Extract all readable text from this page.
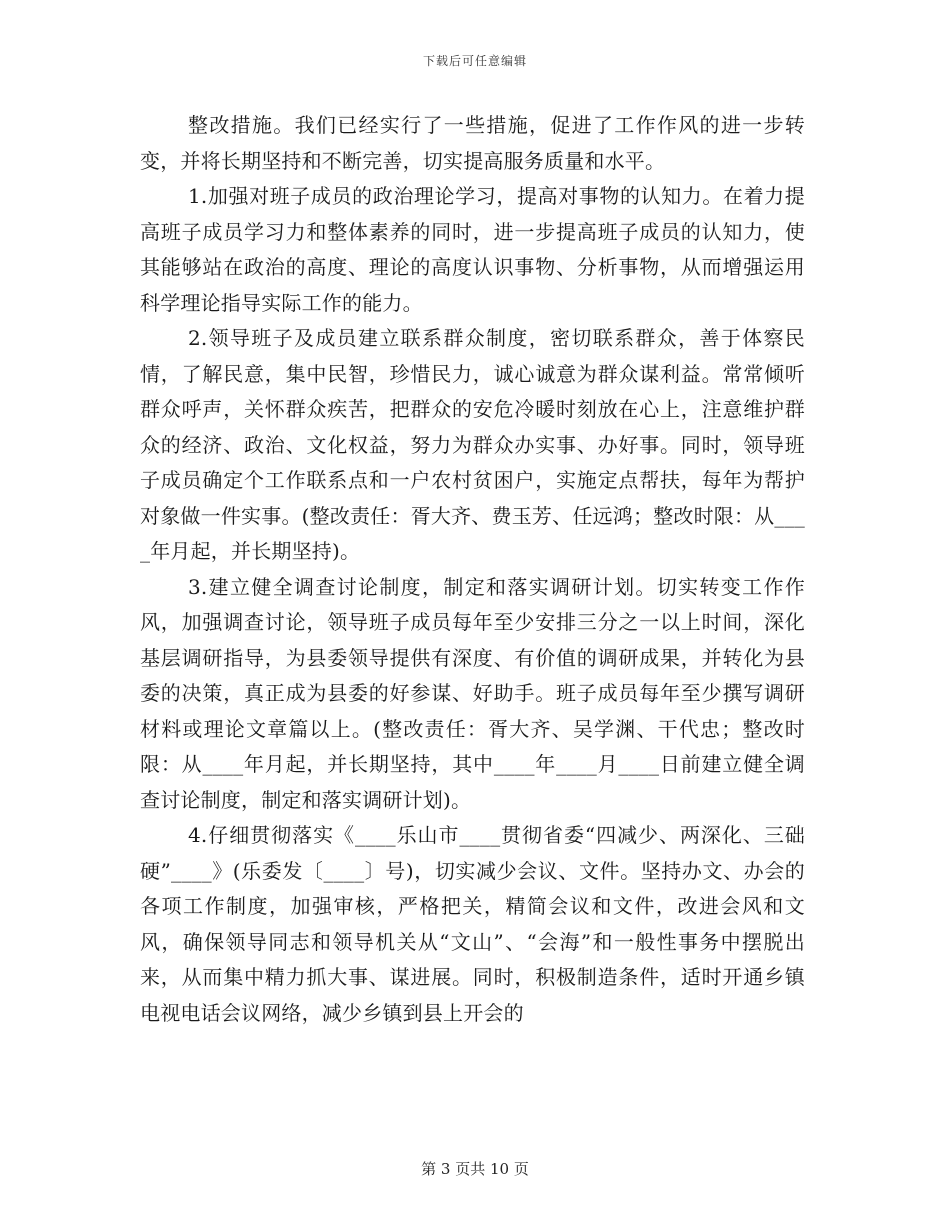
下载后可任意编辑

整改措施。我们已经实行了一些措施，促进了工作作风的进一步转变，并将长期坚持和不断完善，切实提高服务质量和水平。

1.加强对班子成员的政治理论学习，提高对事物的认知力。在着力提高班子成员学习力和整体素养的同时，进一步提高班子成员的认知力，使其能够站在政治的高度、理论的高度认识事物、分析事物，从而增强运用科学理论指导实际工作的能力。

2.领导班子及成员建立联系群众制度，密切联系群众，善于体察民情，了解民意，集中民智，珍惜民力，诚心诚意为群众谋利益。常常倾听群众呼声，关怀群众疾苦，把群众的安危冷暖时刻放在心上，注意维护群众的经济、政治、文化权益，努力为群众办实事、办好事。同时，领导班子成员确定个工作联系点和一户农村贫困户，实施定点帮扶，每年为帮护对象做一件实事。(整改责任：胥大齐、费玉芳、任远鸿；整改时限：从____年月起，并长期坚持)。

3.建立健全调查讨论制度，制定和落实调研计划。切实转变工作作风，加强调查讨论，领导班子成员每年至少安排三分之一以上时间，深化基层调研指导，为县委领导提供有深度、有价值的调研成果，并转化为县委的决策，真正成为县委的好参谋、好助手。班子成员每年至少撰写调研材料或理论文章篇以上。(整改责任：胥大齐、吴学渊、干代忠；整改时限：从____年月起，并长期坚持，其中____年____月____日前建立健全调查讨论制度，制定和落实调研计划)。

4.仔细贯彻落实《____乐山市____贯彻省委“四减少、两深化、三础硬”____》(乐委发〔____〕号)，切实减少会议、文件。坚持办文、办会的各项工作制度，加强审核，严格把关，精简会议和文件，改进会风和文风，确保领导同志和领导机关从“文山”、“会海”和一般性事务中摆脱出来，从而集中精力抓大事、谋进展。同时，积极制造条件，适时开通乡镇电视电话会议网络，减少乡镇到县上开会的

第 3 页共 10 页
